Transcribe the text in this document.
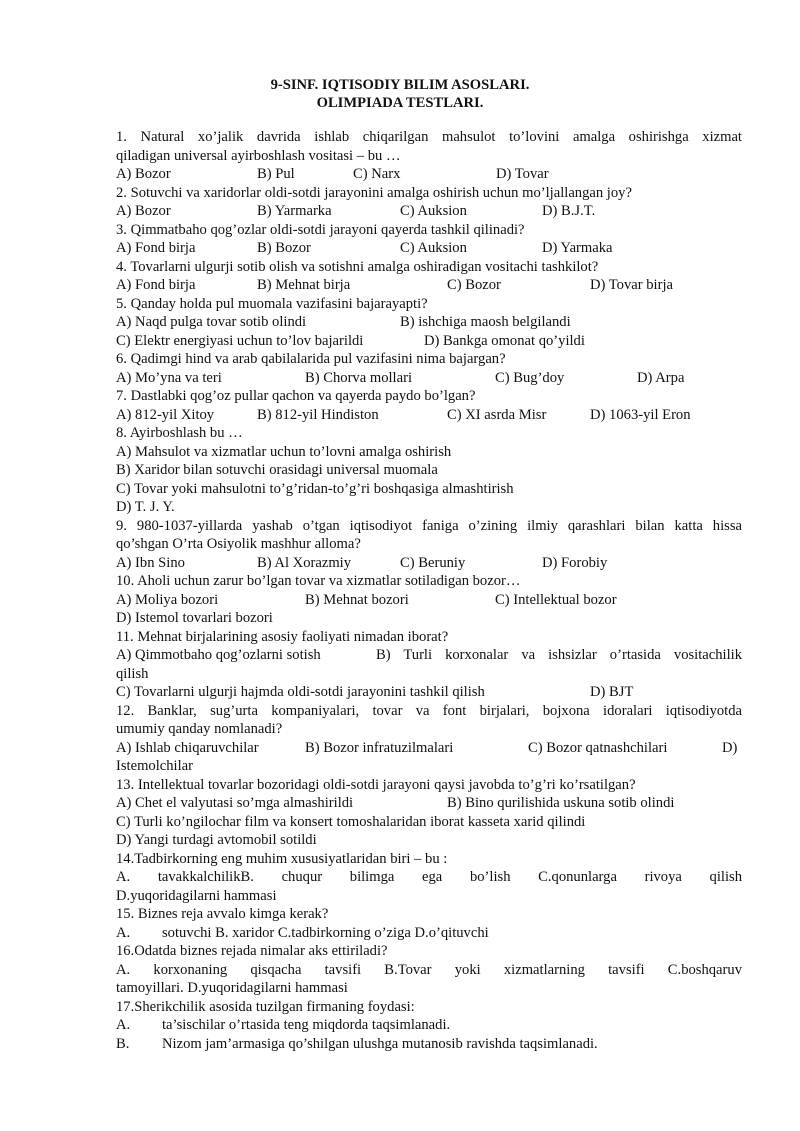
9-SINF. IQTISODIY BILIM ASOSLARI.
OLIMPIADA TESTLARI.
1. Natural xo’jalik davrida ishlab chiqarilgan mahsulot to’lovini amalga oshirishga xizmat
qiladigan universal ayirboshlash vositasi – bu …
A) Bozor	B) Pul	C) Narx	D) Tovar
2. Sotuvchi va xaridorlar oldi-sotdi jarayonini amalga oshirish uchun mo’ljallangan joy?
A) Bozor	B) Yarmarka	C) Auksion	D) B.J.T.
3. Qimmatbaho qog’ozlar oldi-sotdi jarayoni qayerda tashkil qilinadi?
A) Fond birja	B) Bozor	C) Auksion	D) Yarmaka
4. Tovarlarni ulgurji sotib olish va sotishni amalga oshiradigan vositachi tashkilot?
A) Fond birja	B) Mehnat birja	C) Bozor	D) Tovar birja
5. Qanday holda pul muomala vazifasini bajarayapti?
A) Naqd pulga tovar sotib olindi	B) ishchiga maosh belgilandi
C) Elektr energiyasi uchun to’lov bajarildi	D) Bankga omonat qo’yildi
6. Qadimgi hind va arab qabilalarida pul vazifasini nima bajargan?
A) Mo’yna va teri	B) Chorva mollari	C) Bug’doy	D) Arpa
7. Dastlabki qog’oz pullar qachon va qayerda paydo bo’lgan?
A) 812-yil Xitoy	B) 812-yil Hindiston	C) XI asrda Misr	D) 1063-yil Eron
8. Ayirboshlash bu …
A) Mahsulot va xizmatlar uchun to’lovni amalga oshirish
B) Xaridor bilan sotuvchi orasidagi universal muomala
C) Tovar yoki mahsulotni to’g’ridan-to’g’ri boshqasiga almashtirish
D) T. J. Y.
9. 980-1037-yillarda yashab o’tgan iqtisodiyot faniga o’zining ilmiy qarashlari bilan katta hissa
qo’shgan O’rta Osiyolik mashhur alloma?
A) Ibn Sino	B) Al Xorazmiy	C) Beruniy	D) Forobiy
10. Aholi uchun zarur bo’lgan tovar va xizmatlar sotiladigan bozor…
A) Moliya bozori	B) Mehnat bozori	C) Intellektual bozor
D) Istemol tovarlari bozori
11. Mehnat birjalarining asosiy faoliyati nimadan iborat?
A) Qimmotbaho qog’ozlarni sotish	B) Turli korxonalar va ishsizlar o’rtasida vositachilik
qilish
C) Tovarlarni ulgurji hajmda oldi-sotdi jarayonini tashkil qilish	D) BJT
12. Banklar, sug’urta kompaniyalari, tovar va font birjalari, bojxona idoralari iqtisodiyotda
umumiy qanday nomlanadi?
A) Ishlab chiqaruvchilar	B) Bozor infratuzilmalari	C) Bozor qatnashchilari	D)
Istemolchilar
13. Intellektual tovarlar bozoridagi oldi-sotdi jarayoni qaysi javobda to’g’ri ko’rsatilgan?
A) Chet el valyutasi so’mga almashirildi	B) Bino qurilishida uskuna sotib olindi
C) Turli ko’ngilochar film va konsert tomoshalaridan iborat kasseta xarid qilindi
D) Yangi turdagi avtomobil sotildi
14.Tadbirkorning eng muhim xususiyatlaridan biri – bu :
A. tavakkalchilikB. chuqur bilimga ega bo’lish C.qonunlarga rivoya qilish
D.yuqoridagilarni hammasi
15. Biznes reja avvalo kimga kerak?
A. sotuvchi B. xaridor C.tadbirkorning o’ziga D.o’qituvchi
16.Odatda biznes rejada nimalar aks ettiriladi?
A. korxonaning qisqacha tavsifi B.Tovar yoki xizmatlarning tavsifi C.boshqaruv
tamoyillari. D.yuqoridagilarni hammasi
17.Sherikchilik asosida tuzilgan firmaning foydasi:
A. ta’sischilar o’rtasida teng miqdorda taqsimlanadi.
B. Nizom jam’armasiga qo’shilgan ulushga mutanosib ravishda taqsimlanadi.
